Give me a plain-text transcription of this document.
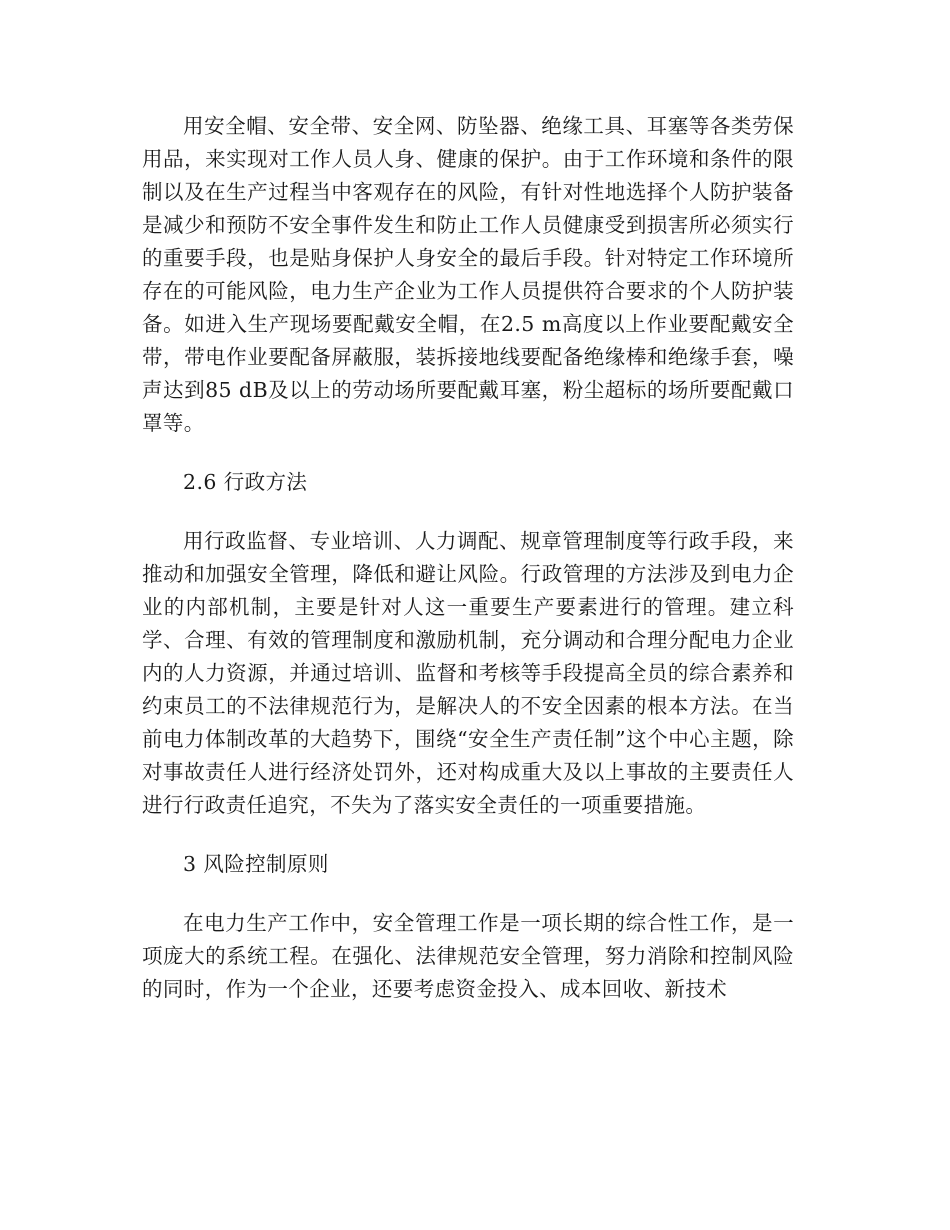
用安全帽、安全带、安全网、防坠器、绝缘工具、耳塞等各类劳保用品，来实现对工作人员人身、健康的保护。由于工作环境和条件的限制以及在生产过程当中客观存在的风险，有针对性地选择个人防护装备是减少和预防不安全事件发生和防止工作人员健康受到损害所必须实行的重要手段，也是贴身保护人身安全的最后手段。针对特定工作环境所存在的可能风险，电力生产企业为工作人员提供符合要求的个人防护装备。如进入生产现场要配戴安全帽，在2.5 m高度以上作业要配戴安全带，带电作业要配备屏蔽服，装拆接地线要配备绝缘棒和绝缘手套，噪声达到85 dB及以上的劳动场所要配戴耳塞，粉尘超标的场所要配戴口罩等。

2.6 行政方法

用行政监督、专业培训、人力调配、规章管理制度等行政手段，来推动和加强安全管理，降低和避让风险。行政管理的方法涉及到电力企业的内部机制，主要是针对人这一重要生产要素进行的管理。建立科学、合理、有效的管理制度和激励机制，充分调动和合理分配电力企业内的人力资源，并通过培训、监督和考核等手段提高全员的综合素养和约束员工的不法律规范行为，是解决人的不安全因素的根本方法。在当前电力体制改革的大趋势下，围绕“安全生产责任制”这个中心主题，除对事故责任人进行经济处罚外，还对构成重大及以上事故的主要责任人进行行政责任追究，不失为了落实安全责任的一项重要措施。

3 风险控制原则

在电力生产工作中，安全管理工作是一项长期的综合性工作，是一项庞大的系统工程。在强化、法律规范安全管理，努力消除和控制风险的同时，作为一个企业，还要考虑资金投入、成本回收、新技术
